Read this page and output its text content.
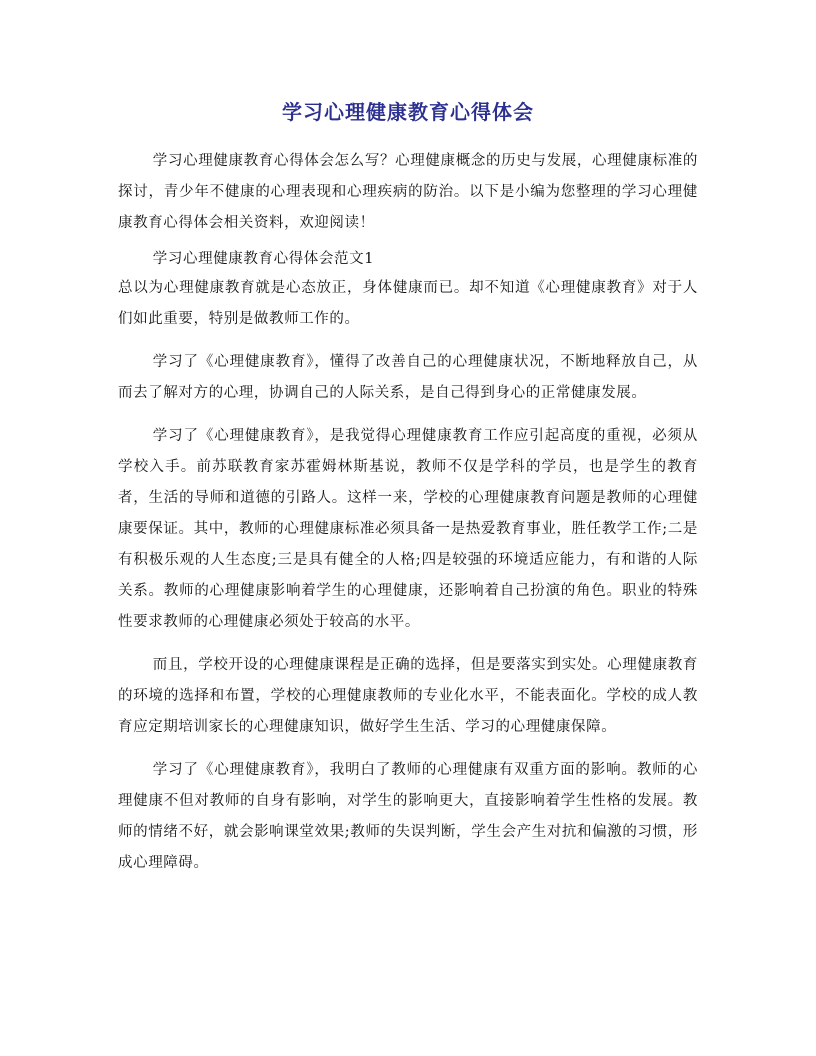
学习心理健康教育心得体会

学习心理健康教育心得体会怎么写？心理健康概念的历史与发展，心理健康标准的探讨，青少年不健康的心理表现和心理疾病的防治。以下是小编为您整理的学习心理健康教育心得体会相关资料，欢迎阅读！

学习心理健康教育心得体会范文1

总以为心理健康教育就是心态放正，身体健康而已。却不知道《心理健康教育》对于人们如此重要，特别是做教师工作的。

学习了《心理健康教育》，懂得了改善自己的心理健康状况，不断地释放自己，从而去了解对方的心理，协调自己的人际关系，是自己得到身心的正常健康发展。

学习了《心理健康教育》，是我觉得心理健康教育工作应引起高度的重视，必须从学校入手。前苏联教育家苏霍姆林斯基说，教师不仅是学科的学员，也是学生的教育者，生活的导师和道德的引路人。这样一来，学校的心理健康教育问题是教师的心理健康要保证。其中，教师的心理健康标准必须具备一是热爱教育事业，胜任教学工作;二是有积极乐观的人生态度;三是具有健全的人格;四是较强的环境适应能力，有和谐的人际关系。教师的心理健康影响着学生的心理健康，还影响着自己扮演的角色。职业的特殊性要求教师的心理健康必须处于较高的水平。

而且，学校开设的心理健康课程是正确的选择，但是要落实到实处。心理健康教育的环境的选择和布置，学校的心理健康教师的专业化水平，不能表面化。学校的成人教育应定期培训家长的心理健康知识，做好学生生活、学习的心理健康保障。

学习了《心理健康教育》，我明白了教师的心理健康有双重方面的影响。教师的心理健康不但对教师的自身有影响，对学生的影响更大，直接影响着学生性格的发展。教师的情绪不好，就会影响课堂效果;教师的失误判断，学生会产生对抗和偏激的习惯，形成心理障碍。
